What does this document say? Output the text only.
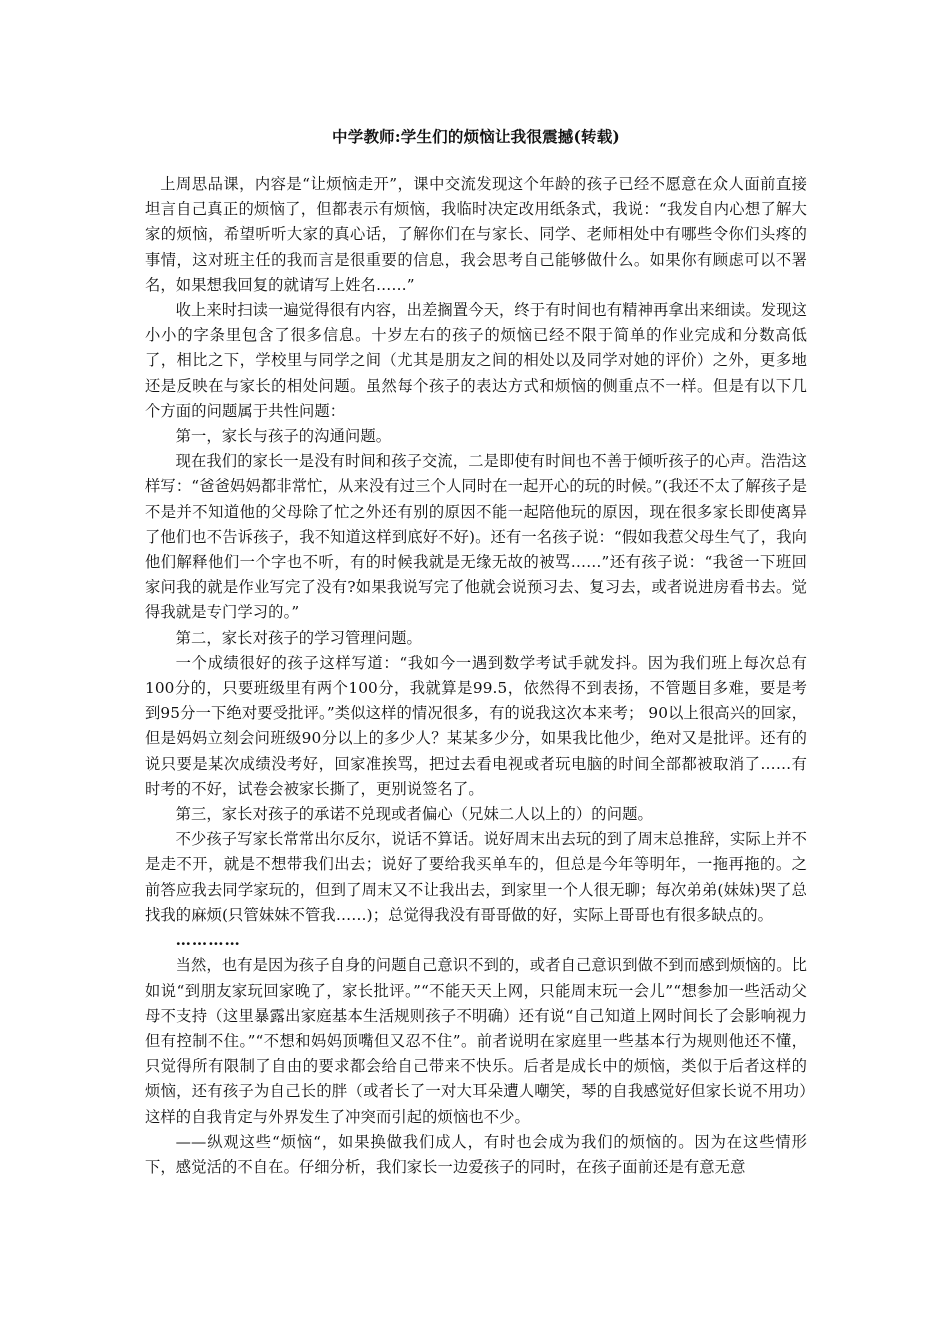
中学教师:学生们的烦恼让我很震撼(转载)

上周思品课，内容是“让烦恼走开”，课中交流发现这个年龄的孩子已经不愿意在众人面前直接坦言自己真正的烦恼了，但都表示有烦恼，我临时决定改用纸条式，我说：“我发自内心想了解大家的烦恼，希望听听大家的真心话，了解你们在与家长、同学、老师相处中有哪些令你们头疼的事情，这对班主任的我而言是很重要的信息，我会思考自己能够做什么。如果你有顾虑可以不署名，如果想我回复的就请写上姓名……”

收上来时扫读一遍觉得很有内容，出差搁置今天，终于有时间也有精神再拿出来细读。发现这小小的字条里包含了很多信息。十岁左右的孩子的烦恼已经不限于简单的作业完成和分数高低了，相比之下，学校里与同学之间（尤其是朋友之间的相处以及同学对她的评价）之外，更多地还是反映在与家长的相处问题。虽然每个孩子的表达方式和烦恼的侧重点不一样。但是有以下几个方面的问题属于共性问题：

第一，家长与孩子的沟通问题。

现在我们的家长一是没有时间和孩子交流，二是即使有时间也不善于倾听孩子的心声。浩浩这样写：“爸爸妈妈都非常忙，从来没有过三个人同时在一起开心的玩的时候。”(我还不太了解孩子是不是并不知道他的父母除了忙之外还有别的原因不能一起陪他玩的原因，现在很多家长即使离异了他们也不告诉孩子，我不知道这样到底好不好)。还有一名孩子说：“假如我惹父母生气了，我向他们解释他们一个字也不听，有的时候我就是无缘无故的被骂……”还有孩子说：“我爸一下班回家问我的就是作业写完了没有?如果我说写完了他就会说预习去、复习去，或者说进房看书去。觉得我就是专门学习的。”

第二，家长对孩子的学习管理问题。

一个成绩很好的孩子这样写道：“我如今一遇到数学考试手就发抖。因为我们班上每次总有100分的，只要班级里有两个100分，我就算是99.5，依然得不到表扬，不管题目多难，要是考到95分一下绝对要受批评。”类似这样的情况很多，有的说我这次本来考； 90以上很高兴的回家，但是妈妈立刻会问班级90分以上的多少人？某某多少分，如果我比他少，绝对又是批评。还有的说只要是某次成绩没考好，回家准挨骂，把过去看电视或者玩电脑的时间全部都被取消了……有时考的不好，试卷会被家长撕了，更别说签名了。

第三，家长对孩子的承诺不兑现或者偏心（兄妹二人以上的）的问题。

不少孩子写家长常常出尔反尔，说话不算话。说好周末出去玩的到了周末总推辞，实际上并不是走不开，就是不想带我们出去；说好了要给我买单车的，但总是今年等明年，一拖再拖的。之前答应我去同学家玩的，但到了周末又不让我出去，到家里一个人很无聊；每次弟弟(妹妹)哭了总找我的麻烦(只管妹妹不管我……)；总觉得我没有哥哥做的好，实际上哥哥也有很多缺点的。

…………

当然，也有是因为孩子自身的问题自己意识不到的，或者自己意识到做不到而感到烦恼的。比如说“到朋友家玩回家晚了，家长批评。”“不能天天上网，只能周末玩一会儿”“想参加一些活动父母不支持（这里暴露出家庭基本生活规则孩子不明确）还有说“自己知道上网时间长了会影响视力但有控制不住。”“不想和妈妈顶嘴但又忍不住”。前者说明在家庭里一些基本行为规则他还不懂，只觉得所有限制了自由的要求都会给自己带来不快乐。后者是成长中的烦恼，类似于后者这样的烦恼，还有孩子为自己长的胖（或者长了一对大耳朵遭人嘲笑，琴的自我感觉好但家长说不用功）这样的自我肯定与外界发生了冲突而引起的烦恼也不少。

——纵观这些“烦恼“，如果换做我们成人，有时也会成为我们的烦恼的。因为在这些情形下，感觉活的不自在。仔细分析，我们家长一边爱孩子的同时，在孩子面前还是有意无意
